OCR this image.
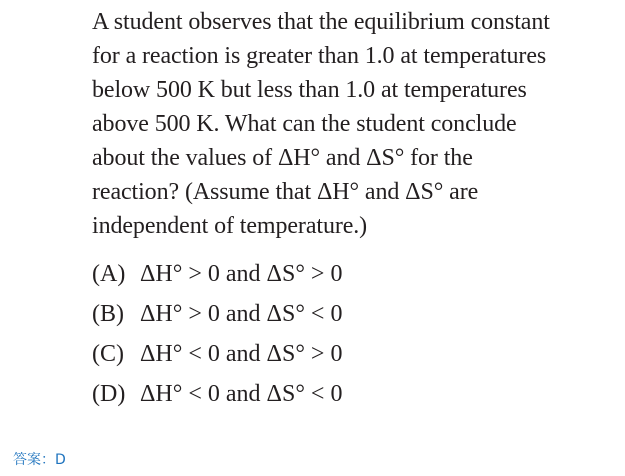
A student observes that the equilibrium constant
for a reaction is greater than 1.0 at temperatures
below 500 K but less than 1.0 at temperatures
above 500 K. What can the student conclude
about the values of ΔH° and ΔS° for the
reaction? (Assume that ΔH° and ΔS° are
independent of temperature.)
(A) ΔH° > 0 and ΔS° > 0
(B) ΔH° > 0 and ΔS° < 0
(C) ΔH° < 0 and ΔS° > 0
(D) ΔH° < 0 and ΔS° < 0
答案：D
